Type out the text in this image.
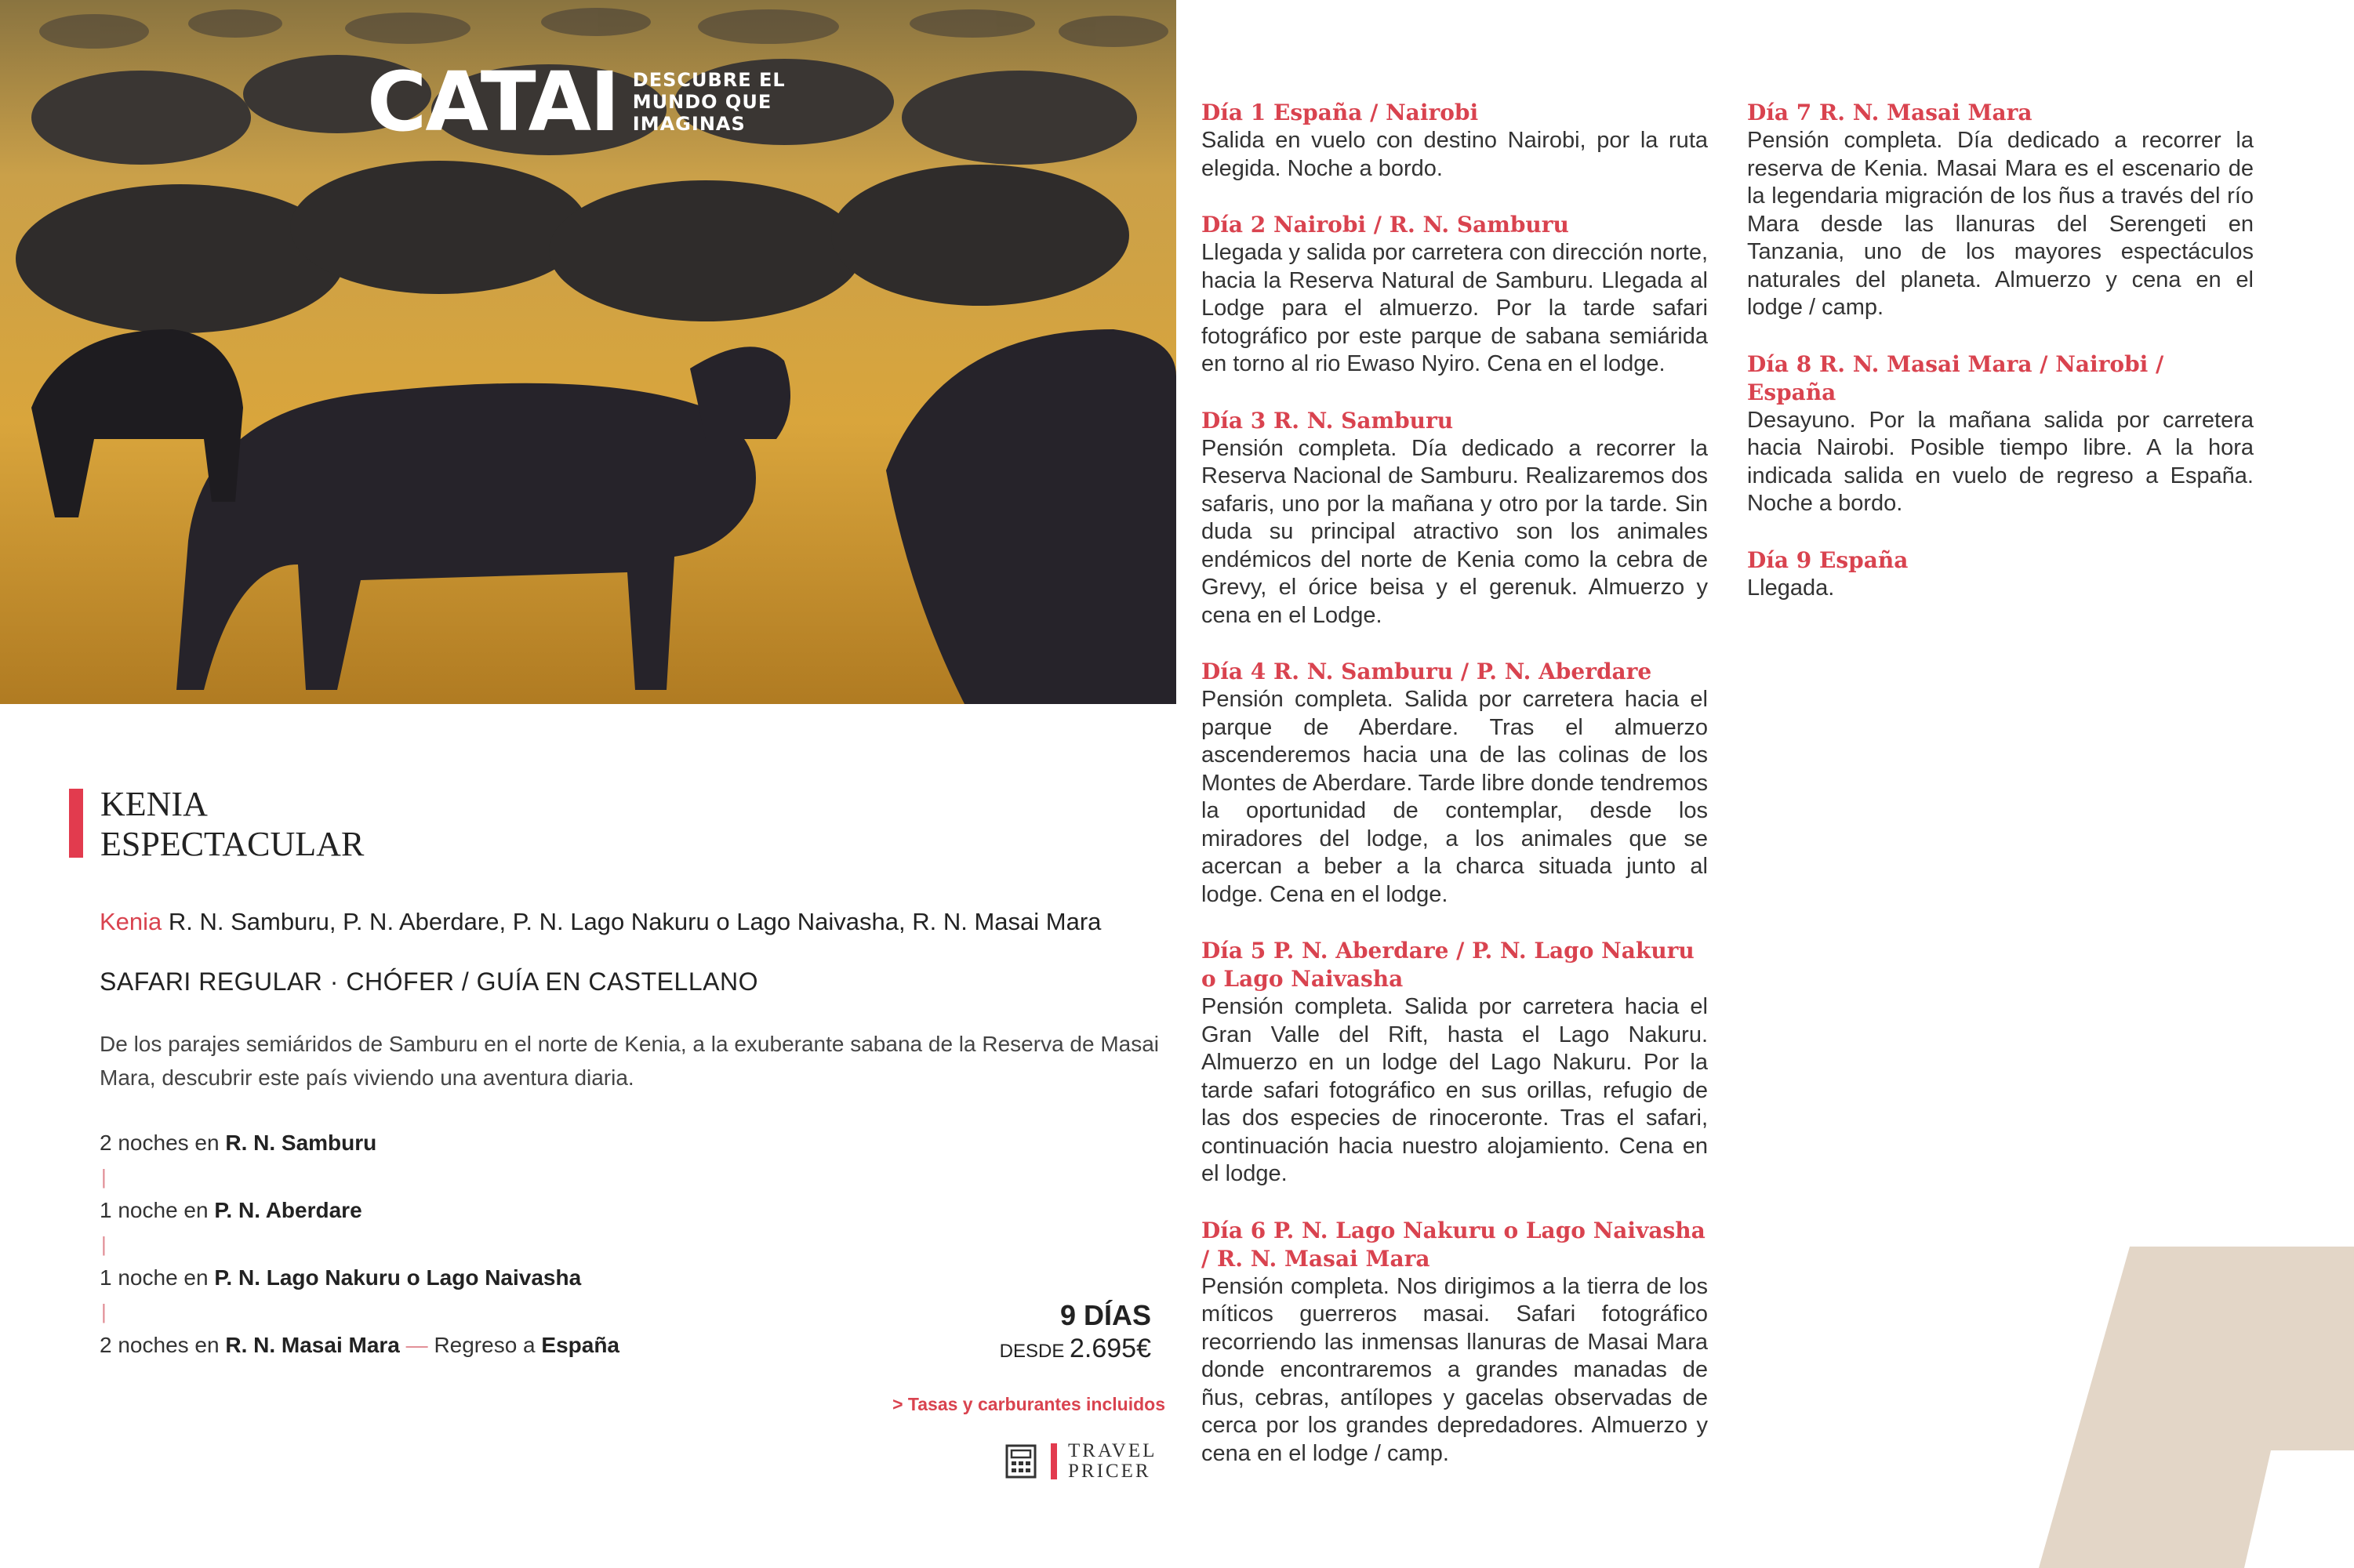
CATAI DESCUBRE EL
MUNDO QUE
IMAGINAS
KENIA
ESPECTACULAR
Kenia R. N. Samburu, P. N. Aberdare, P. N. Lago Nakuru o Lago Naivasha, R. N. Masai Mara
SAFARI REGULAR · CHÓFER / GUÍA EN CASTELLANO
De los parajes semiáridos de Samburu en el norte de Kenia, a la exuberante sabana de la Reserva de Masai Mara, descubrir este país viviendo una aventura diaria.
2 noches en R. N. Samburu
|
1 noche en P. N. Aberdare
|
1 noche en P. N. Lago Nakuru o Lago Naivasha
|
2 noches en R. N. Masai Mara — Regreso a España
9 DÍAS
DESDE 2.695€
> Tasas y carburantes incluidos
TRAVEL
PRICER
Día 1 España / Nairobi
Salida en vuelo con destino Nairobi, por la ruta elegida. Noche a bordo.
Día 2 Nairobi / R. N. Samburu
Llegada y salida por carretera con dirección norte, hacia la Reserva Natural de Samburu. Llegada al Lodge para el almuerzo. Por la tarde safari fotográfico por este parque de sabana semiárida en torno al rio Ewaso Nyiro. Cena en el lodge.
Día 3 R. N. Samburu
Pensión completa. Día dedicado a recorrer la Reserva Nacional de Samburu. Realizaremos dos safaris, uno por la mañana y otro por la tarde. Sin duda su principal atractivo son los animales endémicos del norte de Kenia como la cebra de Grevy, el órice beisa y el gerenuk. Almuerzo y cena en el Lodge.
Día 4 R. N. Samburu / P. N. Aberdare
Pensión completa. Salida por carretera hacia el parque de Aberdare. Tras el almuerzo ascenderemos hacia una de las colinas de los Montes de Aberdare. Tarde libre donde tendremos la oportunidad de contemplar, desde los miradores del lodge, a los animales que se acercan a beber a la charca situada junto al lodge. Cena en el lodge.
Día 5 P. N. Aberdare / P. N. Lago Nakuru o Lago Naivasha
Pensión completa. Salida por carretera hacia el Gran Valle del Rift, hasta el Lago Nakuru. Almuerzo en un lodge del Lago Nakuru. Por la tarde safari fotográfico en sus orillas, refugio de las dos especies de rinoceronte. Tras el safari, continuación hacia nuestro alojamiento. Cena en el lodge.
Día 6 P. N. Lago Nakuru o Lago Naivasha / R. N. Masai Mara
Pensión completa. Nos dirigimos a la tierra de los míticos guerreros masai. Safari fotográfico recorriendo las inmensas llanuras de Masai Mara donde encontraremos a grandes manadas de ñus, cebras, antílopes y gacelas observadas de cerca por los grandes depredadores. Almuerzo y cena en el lodge / camp.
Día 7 R. N. Masai Mara
Pensión completa. Día dedicado a recorrer la reserva de Kenia. Masai Mara es el escenario de la legendaria migración de los ñus a través del río Mara desde las llanuras del Serengeti en Tanzania, uno de los mayores espectáculos naturales del planeta. Almuerzo y cena en el lodge / camp.
Día 8 R. N. Masai Mara / Nairobi / España
Desayuno. Por la mañana salida por carretera hacia Nairobi. Posible tiempo libre. A la hora indicada salida en vuelo de regreso a España. Noche a bordo.
Día 9 España
Llegada.
